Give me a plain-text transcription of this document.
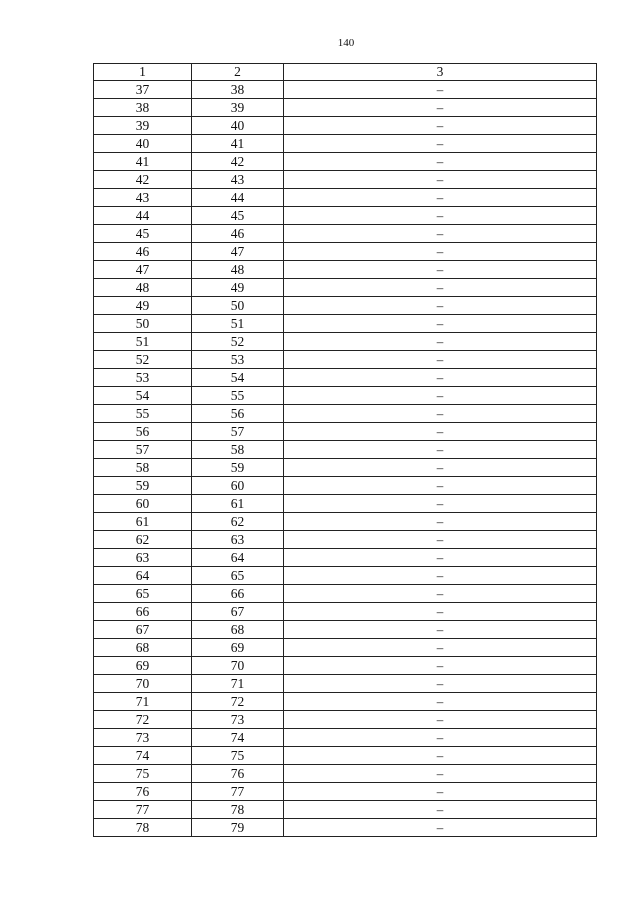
140
1	2	3
37	38	–
38	39	–
39	40	–
40	41	–
41	42	–
42	43	–
43	44	–
44	45	–
45	46	–
46	47	–
47	48	–
48	49	–
49	50	–
50	51	–
51	52	–
52	53	–
53	54	–
54	55	–
55	56	–
56	57	–
57	58	–
58	59	–
59	60	–
60	61	–
61	62	–
62	63	–
63	64	–
64	65	–
65	66	–
66	67	–
67	68	–
68	69	–
69	70	–
70	71	–
71	72	–
72	73	–
73	74	–
74	75	–
75	76	–
76	77	–
77	78	–
78	79	–
